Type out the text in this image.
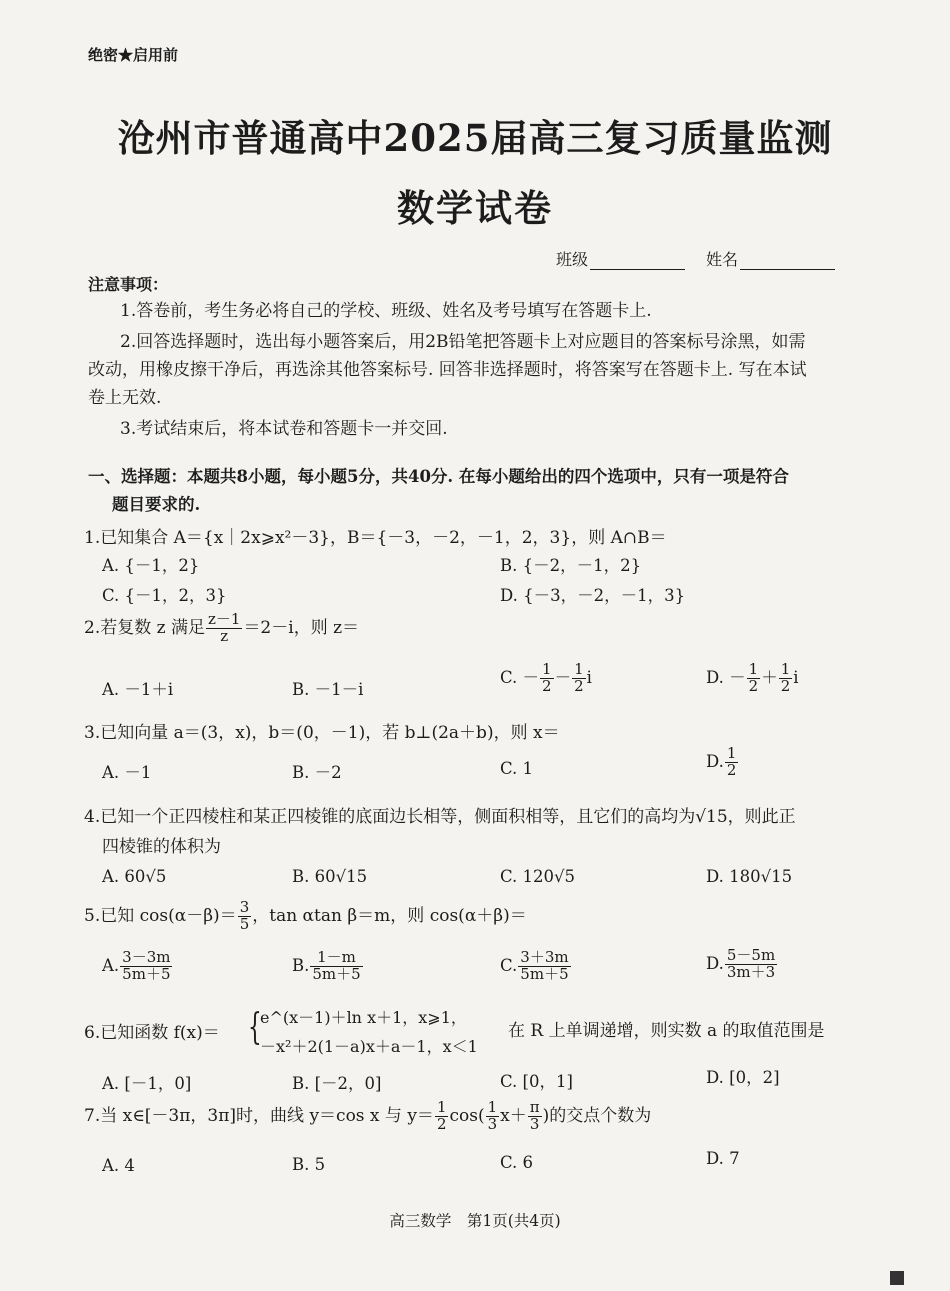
绝密★启用前
沧州市普通高中2025届高三复习质量监测
数学试卷
班级	姓名
注意事项：
1.答卷前，考生务必将自己的学校、班级、姓名及考号填写在答题卡上.
2.回答选择题时，选出每小题答案后，用2B铅笔把答题卡上对应题目的答案标号涂黑，如需
改动，用橡皮擦干净后，再选涂其他答案标号. 回答非选择题时，将答案写在答题卡上. 写在本试
卷上无效.
3.考试结束后，将本试卷和答题卡一并交回.
一、选择题：本题共8小题，每小题5分，共40分. 在每小题给出的四个选项中，只有一项是符合
题目要求的.
1.已知集合 A＝{x｜2x⩾x²－3}，B＝{－3，－2，－1，2，3}，则 A∩B＝
A. {－1，2}	B. {－2，－1，2}
C. {－1，2，3}	D. {－3，－2，－1，3}
2.若复数 z 满足 $\frac{z-1}{z} =2-i$，则 z＝
A. －1＋i	B. －1－i
C. － $\frac{1}{2} - \frac{1}{2}$ i	D. － $\frac{1}{2} + \frac{1}{2}$ i
3.已知向量 a＝(3，x)，b＝(0，－1)，若 b⊥(2a＋b)，则 x＝
A. －1	B. －2	C. 1	D. $\frac{1}{2}$
4.已知一个正四棱柱和某正四棱锥的底面边长相等，侧面积相等，且它们的高均为√15，则此正
四棱锥的体积为
A. 60√5	B. 60√15	C. 120√5	D. 180√15
5.已知 $\cos(\alpha-\beta)= \frac{3}{5}$ ，tan αtan β＝m，则 cos(α＋β)＝
A. $\frac{3-3m}{5m+5}$	B. $\frac{1-m}{5m+5}$	C. $\frac{3+3m}{5m+5}$	D. $\frac{5-5m}{3m+3}$
6.已知函数 f(x)＝ {
e^(x－1)＋ln x＋1，x⩾1，
－x²＋2(1－a)x＋a－1，x＜1
在 R 上单调递增，则实数 a 的取值范围是
A. [－1，0]	B. [－2，0]	C. [0，1]	D. [0，2]
7.当 x∈[－3π，3π]时，曲线 y＝cos x 与 $y= \frac{1}{2} \cos( \frac{1}{3} x+ \frac{\pi}{3}$ )的交点个数为
A. 4	B. 5	C. 6	D. 7
高三数学　第1页(共4页)
